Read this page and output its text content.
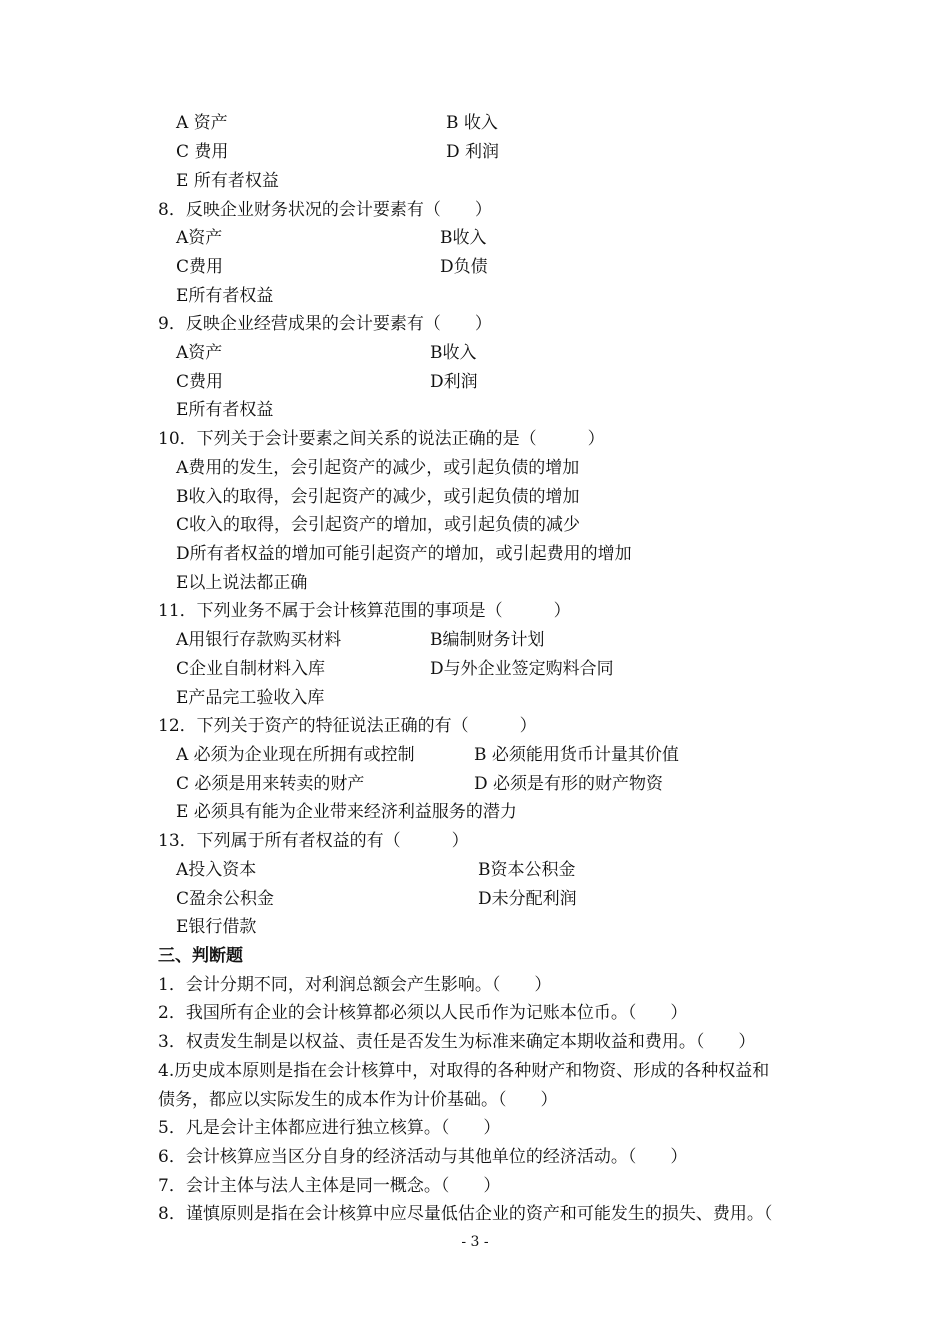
A 资产	B 收入
C 费用	D 利润
E 所有者权益
8．反映企业财务状况的会计要素有（　　）
A资产	B收入
C费用	D负债
E所有者权益
9．反映企业经营成果的会计要素有（　　）
A资产	B收入
C费用	D利润
E所有者权益
10．下列关于会计要素之间关系的说法正确的是（　　　）
A费用的发生，会引起资产的减少，或引起负债的增加
B收入的取得，会引起资产的减少，或引起负债的增加
C收入的取得，会引起资产的增加，或引起负债的减少
D所有者权益的增加可能引起资产的增加，或引起费用的增加
E以上说法都正确
11．下列业务不属于会计核算范围的事项是（　　　）
A用银行存款购买材料	B编制财务计划
C企业自制材料入库	D与外企业签定购料合同
E产品完工验收入库
12．下列关于资产的特征说法正确的有（　　　）
A 必须为企业现在所拥有或控制	B 必须能用货币计量其价值
C 必须是用来转卖的财产	D 必须是有形的财产物资
E 必须具有能为企业带来经济利益服务的潜力
13．下列属于所有者权益的有（　　　）
A投入资本	B资本公积金
C盈余公积金	D未分配利润
E银行借款
三、判断题
1．会计分期不同，对利润总额会产生影响。（　　）
2．我国所有企业的会计核算都必须以人民币作为记账本位币。（　　）
3．权责发生制是以权益、责任是否发生为标准来确定本期收益和费用。（　　）
4.历史成本原则是指在会计核算中，对取得的各种财产和物资、形成的各种权益和
债务，都应以实际发生的成本作为计价基础。（　　）
5．凡是会计主体都应进行独立核算。（　　）
6．会计核算应当区分自身的经济活动与其他单位的经济活动。（　　）
7．会计主体与法人主体是同一概念。（　　）
8．谨慎原则是指在会计核算中应尽量低估企业的资产和可能发生的损失、费用。（
- 3 -
